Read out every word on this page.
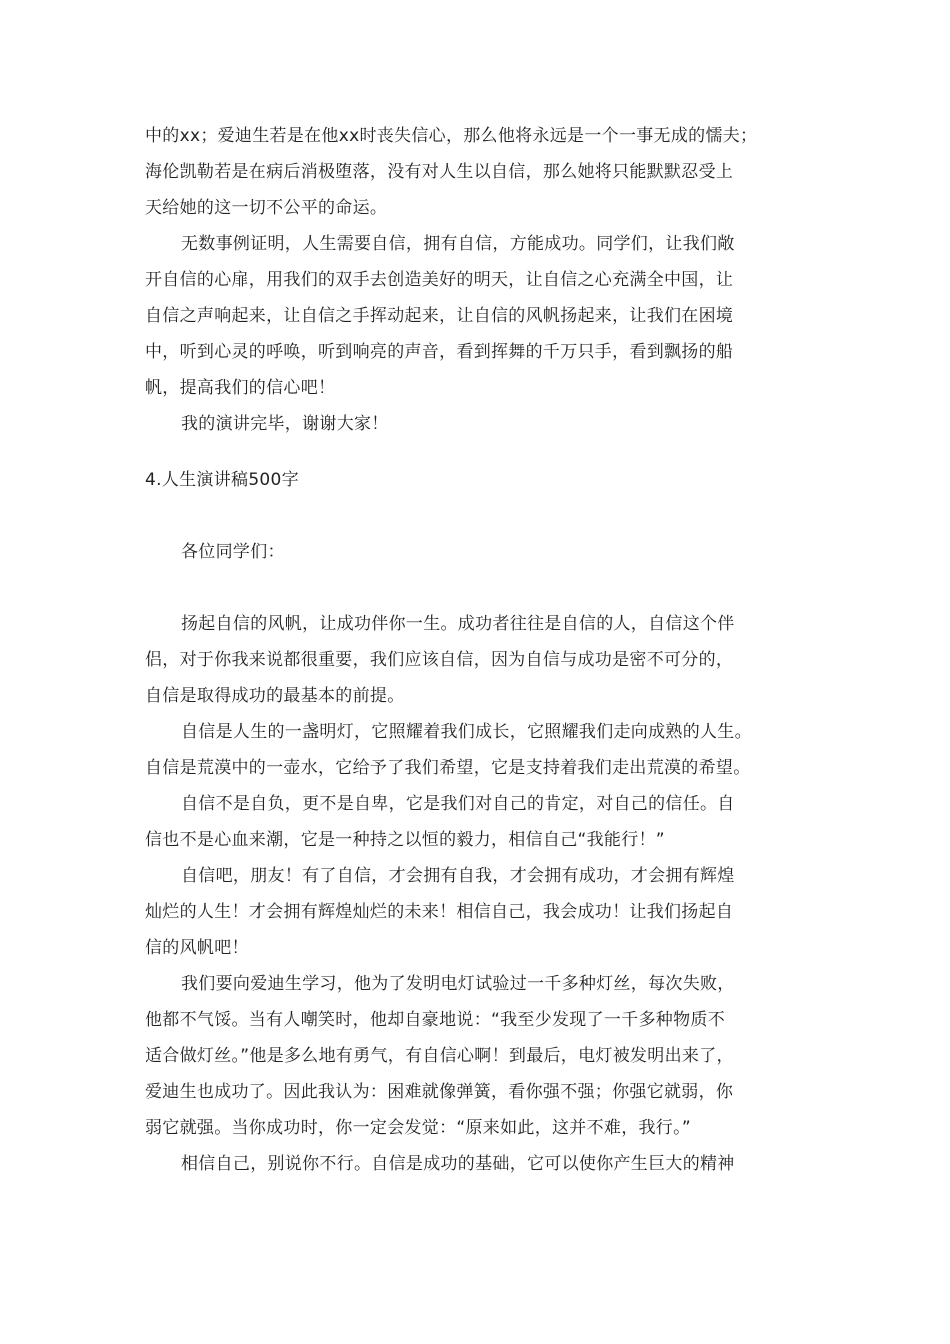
中的xx；爱迪生若是在他xx时丧失信心，那么他将永远是一个一事无成的懦夫；

海伦凯勒若是在病后消极堕落，没有对人生以自信，那么她将只能默默忍受上

天给她的这一切不公平的命运。

无数事例证明，人生需要自信，拥有自信，方能成功。同学们，让我们敞

开自信的心扉，用我们的双手去创造美好的明天，让自信之心充满全中国，让

自信之声响起来，让自信之手挥动起来，让自信的风帆扬起来，让我们在困境

中，听到心灵的呼唤，听到响亮的声音，看到挥舞的千万只手，看到飘扬的船

帆，提高我们的信心吧！

我的演讲完毕，谢谢大家！

4.人生演讲稿500字

各位同学们：

扬起自信的风帆，让成功伴你一生。成功者往往是自信的人，自信这个伴

侣，对于你我来说都很重要，我们应该自信，因为自信与成功是密不可分的，

自信是取得成功的最基本的前提。

自信是人生的一盏明灯，它照耀着我们成长，它照耀我们走向成熟的人生。

自信是荒漠中的一壶水，它给予了我们希望，它是支持着我们走出荒漠的希望。

自信不是自负，更不是自卑，它是我们对自己的肯定，对自己的信任。自

信也不是心血来潮，它是一种持之以恒的毅力，相信自己“我能行！”

自信吧，朋友！有了自信，才会拥有自我，才会拥有成功，才会拥有辉煌

灿烂的人生！才会拥有辉煌灿烂的未来！相信自己，我会成功！让我们扬起自

信的风帆吧！

我们要向爱迪生学习，他为了发明电灯试验过一千多种灯丝，每次失败，

他都不气馁。当有人嘲笑时，他却自豪地说：“我至少发现了一千多种物质不

适合做灯丝。”他是多么地有勇气，有自信心啊！到最后，电灯被发明出来了，

爱迪生也成功了。因此我认为：困难就像弹簧，看你强不强；你强它就弱，你

弱它就强。当你成功时，你一定会发觉：“原来如此，这并不难，我行。”

相信自己，别说你不行。自信是成功的基础，它可以使你产生巨大的精神
